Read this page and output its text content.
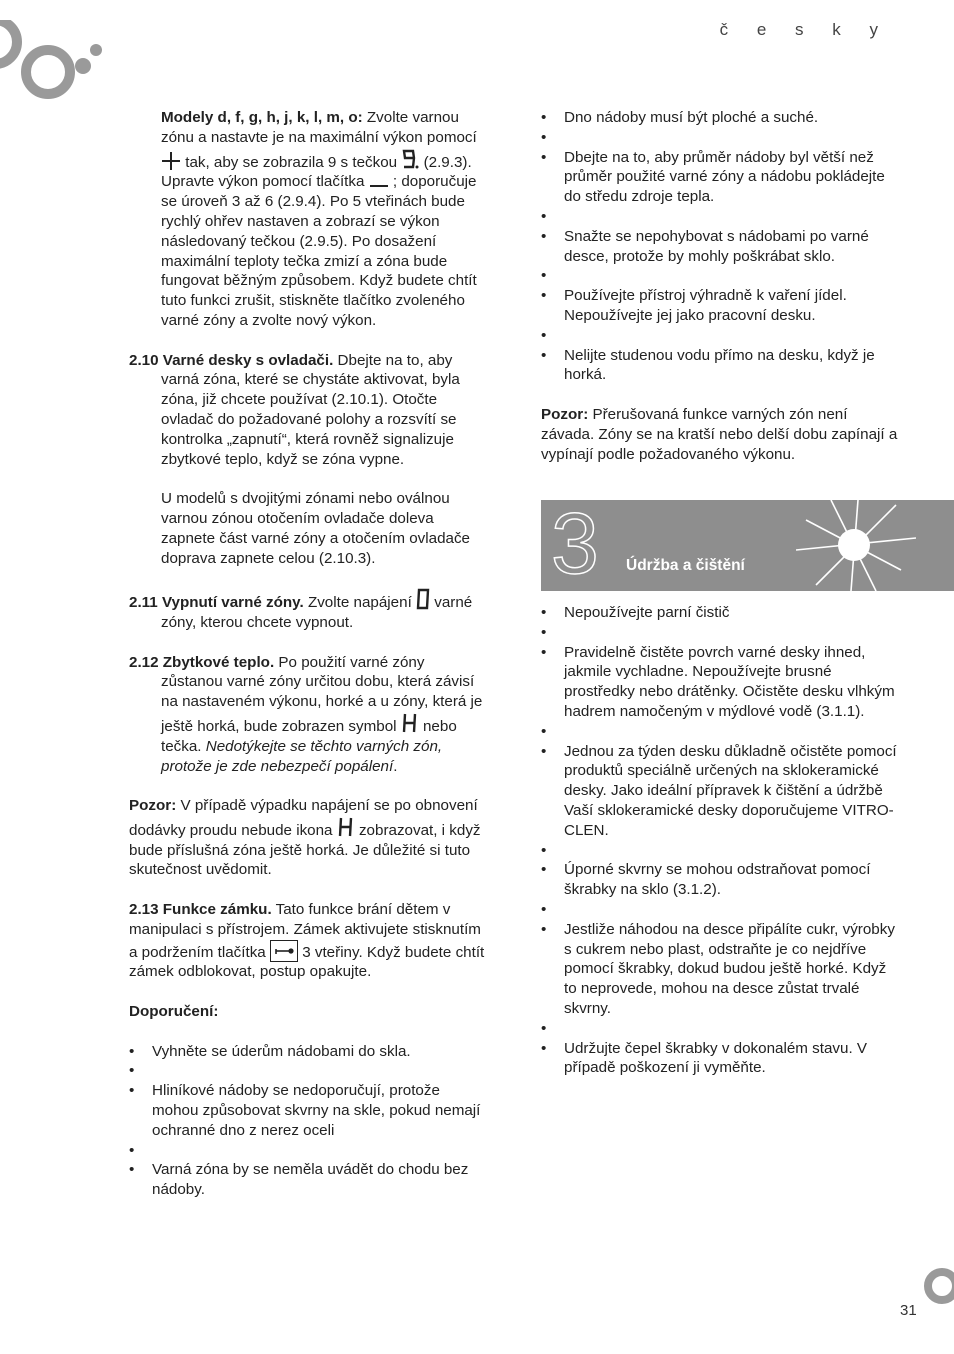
č e s k y

Modely d, f, g, h, j, k, l, m, o: Zvolte varnou zónu a nastavte je na maximální výkon pomocí  tak, aby se zobrazila 9 s tečkou  (2.9.3). Upravte výkon pomocí tlačítka  ; doporučuje se úroveň 3 až 6 (2.9.4). Po 5 vteřinách bude rychlý ohřev nastaven a zobrazí se výkon následovaný tečkou (2.9.5). Po dosažení maximální teploty tečka zmizí a zóna bude fungovat běžným způsobem. Když budete chtít tuto funkci zrušit, stiskněte tlačítko zvoleného varné zóny a zvolte nový výkon.

2.10 Varné desky s ovladači. Dbejte na to, aby varná zóna, které se chystáte aktivovat, byla zóna, již chcete používat (2.10.1). Otočte ovladač do požadované polohy a rozsvítí se kontrolka „zapnutí“, která rovněž signalizuje zbytkové teplo, když se zóna vypne.

U modelů s dvojitými zónami nebo oválnou varnou zónou otočením ovladače doleva zapnete část varné zóny a otočením ovladače doprava zapnete celou (2.10.3).

2.11 Vypnutí varné zóny. Zvolte napájení  varné zóny, kterou chcete vypnout.

2.12 Zbytkové teplo. Po použití varné zóny zůstanou varné zóny určitou dobu, která závisí na nastaveném výkonu, horké a u zóny, která je ještě horká, bude zobrazen symbol  nebo tečka. Nedotýkejte se těchto varných zón, protože je zde nebezpečí popálení.

Pozor: V případě výpadku napájení se po obnovení dodávky proudu nebude ikona  zobrazovat, i když bude příslušná zóna ještě horká. Je důležité si tuto skutečnost uvědomit.

2.13 Funkce zámku. Tato funkce brání dětem v manipulaci s přístrojem. Zámek aktivujete stisknutím a podržením tlačítka
3 vteřiny. Když budete chtít zámek odblokovat, postup opakujte.

Doporučení:

• Vyhněte se úderům nádobami do skla.
•
• Hliníkové nádoby se nedoporučují, protože mohou způsobovat skvrny na skle, pokud nemají ochranné dno z nerez oceli
•
• Varná zóna by se neměla uvádět do chodu bez nádoby.
• Dno nádoby musí být ploché a suché.
•
• Dbejte na to, aby průměr nádoby byl větší než průměr použité varné zóny a nádobu pokládejte do středu zdroje tepla.
•
• Snažte se nepohybovat s nádobami po varné desce, protože by mohly poškrábat sklo.
•
• Používejte přístroj výhradně k vaření jídel. Nepoužívejte jej jako pracovní desku.
•
• Nelijte studenou vodu přímo na desku, když je horká.

Pozor: Přerušovaná funkce varných zón není závada. Zóny se na kratší nebo delší dobu zapínají a vypínají podle požadovaného výkonu.

3 Údržba a čištění
• Nepoužívejte parní čistič
•
• Pravidelně čistěte povrch varné desky ihned, jakmile vychladne. Nepoužívejte brusné prostředky nebo drátěnky. Očistěte desku vlhkým hadrem namočeným v mýdlové vodě (3.1.1).
•
• Jednou za týden desku důkladně očistěte pomocí produktů speciálně určených na sklokeramické desky. Jako ideální přípravek k čištění a údržbě Vaší sklokeramické desky doporučujeme VITRO-CLEN.
•
• Úporné skvrny se mohou odstraňovat pomocí škrabky na sklo (3.1.2).
•
• Jestliže náhodou na desce připálíte cukr, výrobky s cukrem nebo plast, odstraňte je co nejdříve pomocí škrabky, dokud budou ještě horké. Když to neprovede, mohou na desce zůstat trvalé skvrny.
•
• Udržujte čepel škrabky v dokonalém stavu. V případě poškození ji vyměňte.
31
